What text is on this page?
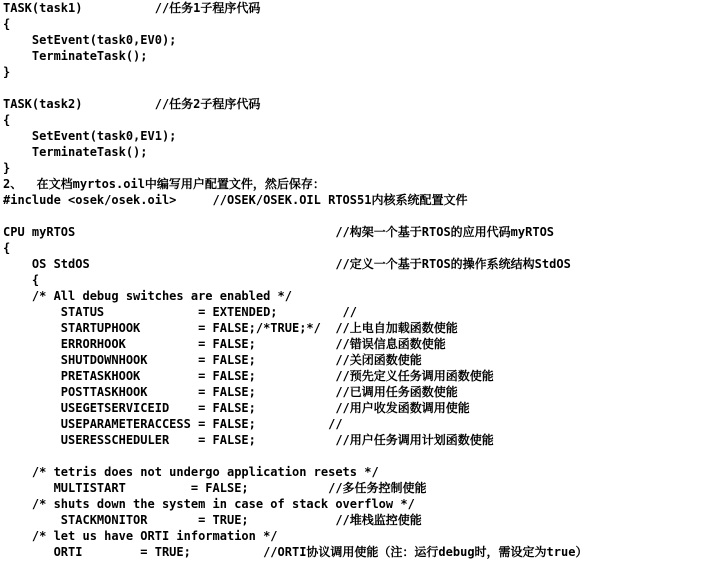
TASK(task1)          //任务1子程序代码
{
SetEvent(task0,EV0);
TerminateTask();
}
TASK(task2)          //任务2子程序代码
{
SetEvent(task0,EV1);
TerminateTask();
}
2、  在文档myrtos.oil中编写用户配置文件，然后保存：
#include <osek/osek.oil>     //OSEK/OSEK.OIL RTOS51内核系统配置文件
CPU myRTOS                                    //构架一个基于RTOS的应用代码myRTOS
{
OS StdOS                                  //定义一个基于RTOS的操作系统结构StdOS
{
/* All debug switches are enabled */
STATUS             = EXTENDED;         //
STARTUPHOOK        = FALSE;/*TRUE;*/  //上电自加载函数使能
ERRORHOOK          = FALSE;           //错误信息函数使能
SHUTDOWNHOOK       = FALSE;           //关闭函数使能
PRETASKHOOK        = FALSE;           //预先定义任务调用函数使能
POSTTASKHOOK       = FALSE;           //已调用任务函数使能
USEGETSERVICEID    = FALSE;           //用户收发函数调用使能
USEPARAMETERACCESS = FALSE;          //
USERESSCHEDULER    = FALSE;           //用户任务调用计划函数使能
/* tetris does not undergo application resets */
MULTISTART         = FALSE;           //多任务控制使能
/* shuts down the system in case of stack overflow */
STACKMONITOR       = TRUE;            //堆栈监控使能
/* let us have ORTI information */
ORTI        = TRUE;          //ORTI协议调用使能（注：运行debug时，需设定为true）
